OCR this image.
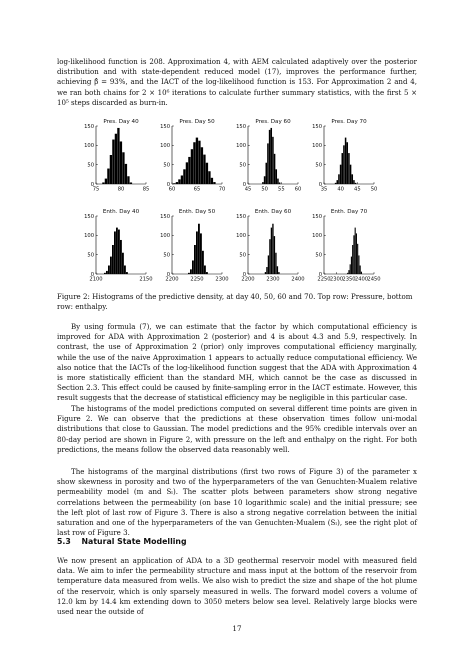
log-likelihood function is 208. Approximation 4, with AEM calculated adaptively over the posterior distribution and with state-dependent reduced model (17), improves the performance further, achieving β̂ = 93%, and the IACT of the log-likelihood function is 153. For Approximation 2 and 4, we ran both chains for 2 × 10⁶ iterations to calculate further summary statistics, with the first 5 × 10⁵ steps discarded as burn-in.

Pres. Day 40
0
50
100
150
75	80	85
Pres. Day 50
0
50
100
150
60	65	70
Pres. Day 60
0
50
100
150
45 50 55 60
Pres. Day 70
0
50
100
150
35 40 45 50
Enth. Day 40
0
50
100
150
2100	2150
Enth. Day 50
0
50
100
150
2200 2250 2300
Enth. Day 60
0
50
100
150
2200 2300 2400
Enth. Day 70
0
50
100
150
2250 2300 2350 2400 2450

Figure 2: Histograms of the predictive density, at day 40, 50, 60 and 70. Top row: Pressure, bottom row: enthalpy.

By using formula (7), we can estimate that the factor by which computational efficiency is improved for ADA with Approximation 2 (posterior) and 4 is about 4.3 and 5.9, respectively. In contrast, the use of Approximation 2 (prior) only improves computational efficiency marginally, while the use of the naive Approximation 1 appears to actually reduce computational efficiency. We also notice that the IACTs of the log-likelihood function suggest that the ADA with Approximation 4 is more statistically efficient than the standard MH, which cannot be the case as discussed in Section 2.3. This effect could be caused by finite-sampling error in the IACT estimate. However, this result suggests that the decrease of statistical efficiency may be negligible in this particular case.

The histograms of the model predictions computed on several different time points are given in Figure 2. We can observe that the predictions at these observation times follow uni-modal distributions that close to Gaussian. The model predictions and the 95% credible intervals over an 80-day period are shown in Figure 2, with pressure on the left and enthalpy on the right. For both predictions, the means follow the observed data reasonably well.

The histograms of the marginal distributions (first two rows of Figure 3) of the parameter x show skewness in porosity and two of the hyperparameters of the van Genuchten-Mualem relative permeability model (m and Sₗ). The scatter plots between parameters show strong negative correlations between the permeability (on base 10 logarithmic scale) and the initial pressure; see the left plot of last row of Figure 3. There is also a strong negative correlation between the initial saturation and one of the hyperparameters of the van Genuchten-Mualem (Sₗ), see the right plot of last row of Figure 3.

5.3 Natural State Modelling

We now present an application of ADA to a 3D geothermal reservoir model with measured field data. We aim to infer the permeability structure and mass input at the bottom of the reservoir from temperature data measured from wells. We also wish to predict the size and shape of the hot plume of the reservoir, which is only sparsely measured in wells. The forward model covers a volume of 12.0 km by 14.4 km extending down to 3050 meters below sea level. Relatively large blocks were used near the outside of

17
